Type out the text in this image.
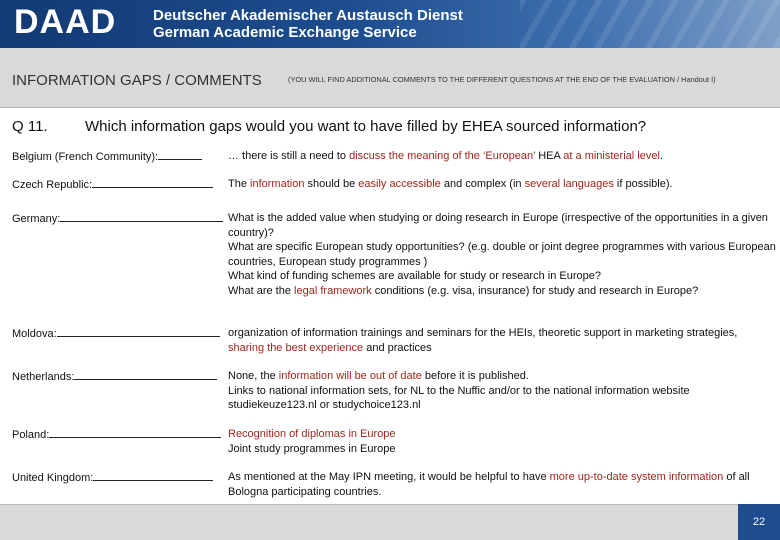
DAAD Deutscher Akademischer Austausch Dienst
German Academic Exchange Service
INFORMATION GAPS / COMMENTS	(YOU WILL FIND ADDITIONAL COMMENTS TO THE DIFFERENT QUESTIONS AT THE END OF THE EVALUATION / Handout I)
Q 11. Which information gaps would you want to have filled by EHEA sourced information?
Belgium (French Community):	… there is still a need to discuss the meaning of the ‘European’ HEA at a ministerial level.
Czech Republic:	The information should be easily accessible and complex (in several languages if possible).
Germany:	What is the added value when studying or doing research in Europe (irrespective of the opportunities in a given country)?

What are specific European study opportunities? (e.g. double or joint degree programmes with various European countries, European study programmes )

What kind of funding schemes are available for study or research in Europe?

What are the legal framework conditions (e.g. visa, insurance) for study and research in Europe?

Moldova:	organization of information trainings and seminars for the HEIs, theoretic support in marketing strategies, sharing the best experience and practices
Netherlands:	None, the information will be out of date before it is published.

Links to national information sets, for NL to the Nuffic and/or to the national information website studiekeuze123.nl or studychoice123.nl

Poland:	Recognition of diplomas in Europe

Joint study programmes in Europe

United Kingdom:	As mentioned at the May IPN meeting, it would be helpful to have more up-to-date system information of all Bologna participating countries.
22
